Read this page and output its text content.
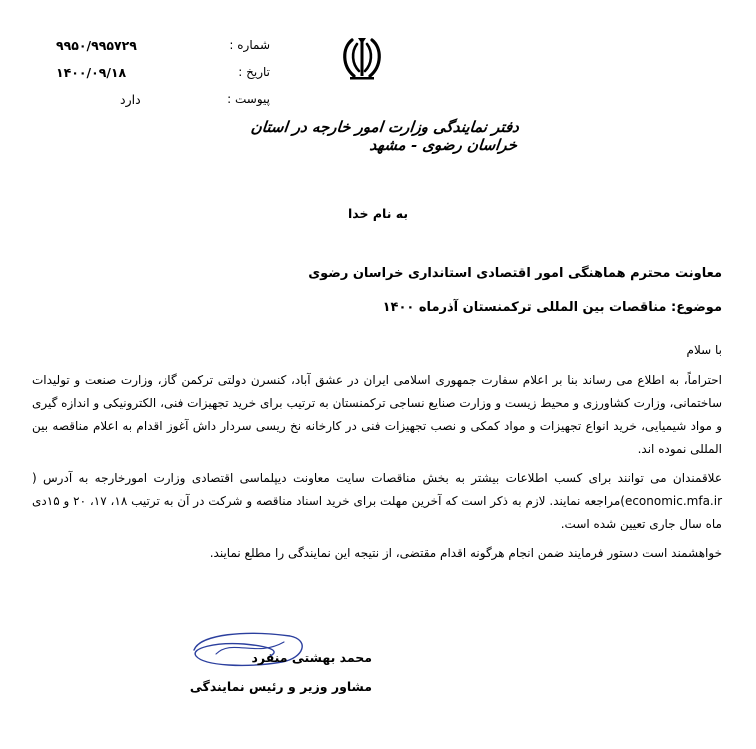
۹۹۵۰/۹۹۵۷۲۹	شماره :
۱۴۰۰/۰۹/۱۸	تاریخ :
دارد	پیوست :
دفتر نمایندگی وزارت امور خارجه در استان خراسان رضوی - مشهد
به نام خدا
معاونت محترم هماهنگی امور اقتصادی استانداری خراسان رضوی
موضوع: مناقصات بین المللی ترکمنستان آذرماه ۱۴۰۰
با سلام

احتراماً، به اطلاع می رساند بنا بر اعلام سفارت جمهوری اسلامی ایران در عشق آباد، کنسرن دولتی ترکمن گاز، وزارت صنعت و تولیدات ساختمانی، وزارت کشاورزی و محیط زیست و وزارت صنایع نساجی ترکمنستان به ترتیب برای خرید تجهیزات فنی، الکترونیکی و اندازه گیری و مواد شیمیایی، خرید انواع تجهیزات و مواد کمکی و نصب تجهیزات فنی در کارخانه نخ ریسی سردار داش آغوز اقدام به اعلام مناقصه بین المللی نموده اند.

علاقمندان می توانند برای کسب اطلاعات بیشتر به بخش مناقصات سایت معاونت دیپلماسی اقتصادی وزارت امورخارجه به آدرس ( economic.mfa.ir)مراجعه نمایند. لازم به ذکر است که آخرین مهلت برای خرید اسناد مناقصه و شرکت در آن به ترتیب ۱۸، ۱۷، ۲۰ و ۱۵دی ماه سال جاری تعیین شده است.

خواهشمند است دستور فرمایند ضمن انجام هرگونه اقدام مقتضی، از نتیجه این نمایندگی را مطلع نمایند.
محمد بهشتی منفرد
مشاور وزیر و رئیس نمایندگی
